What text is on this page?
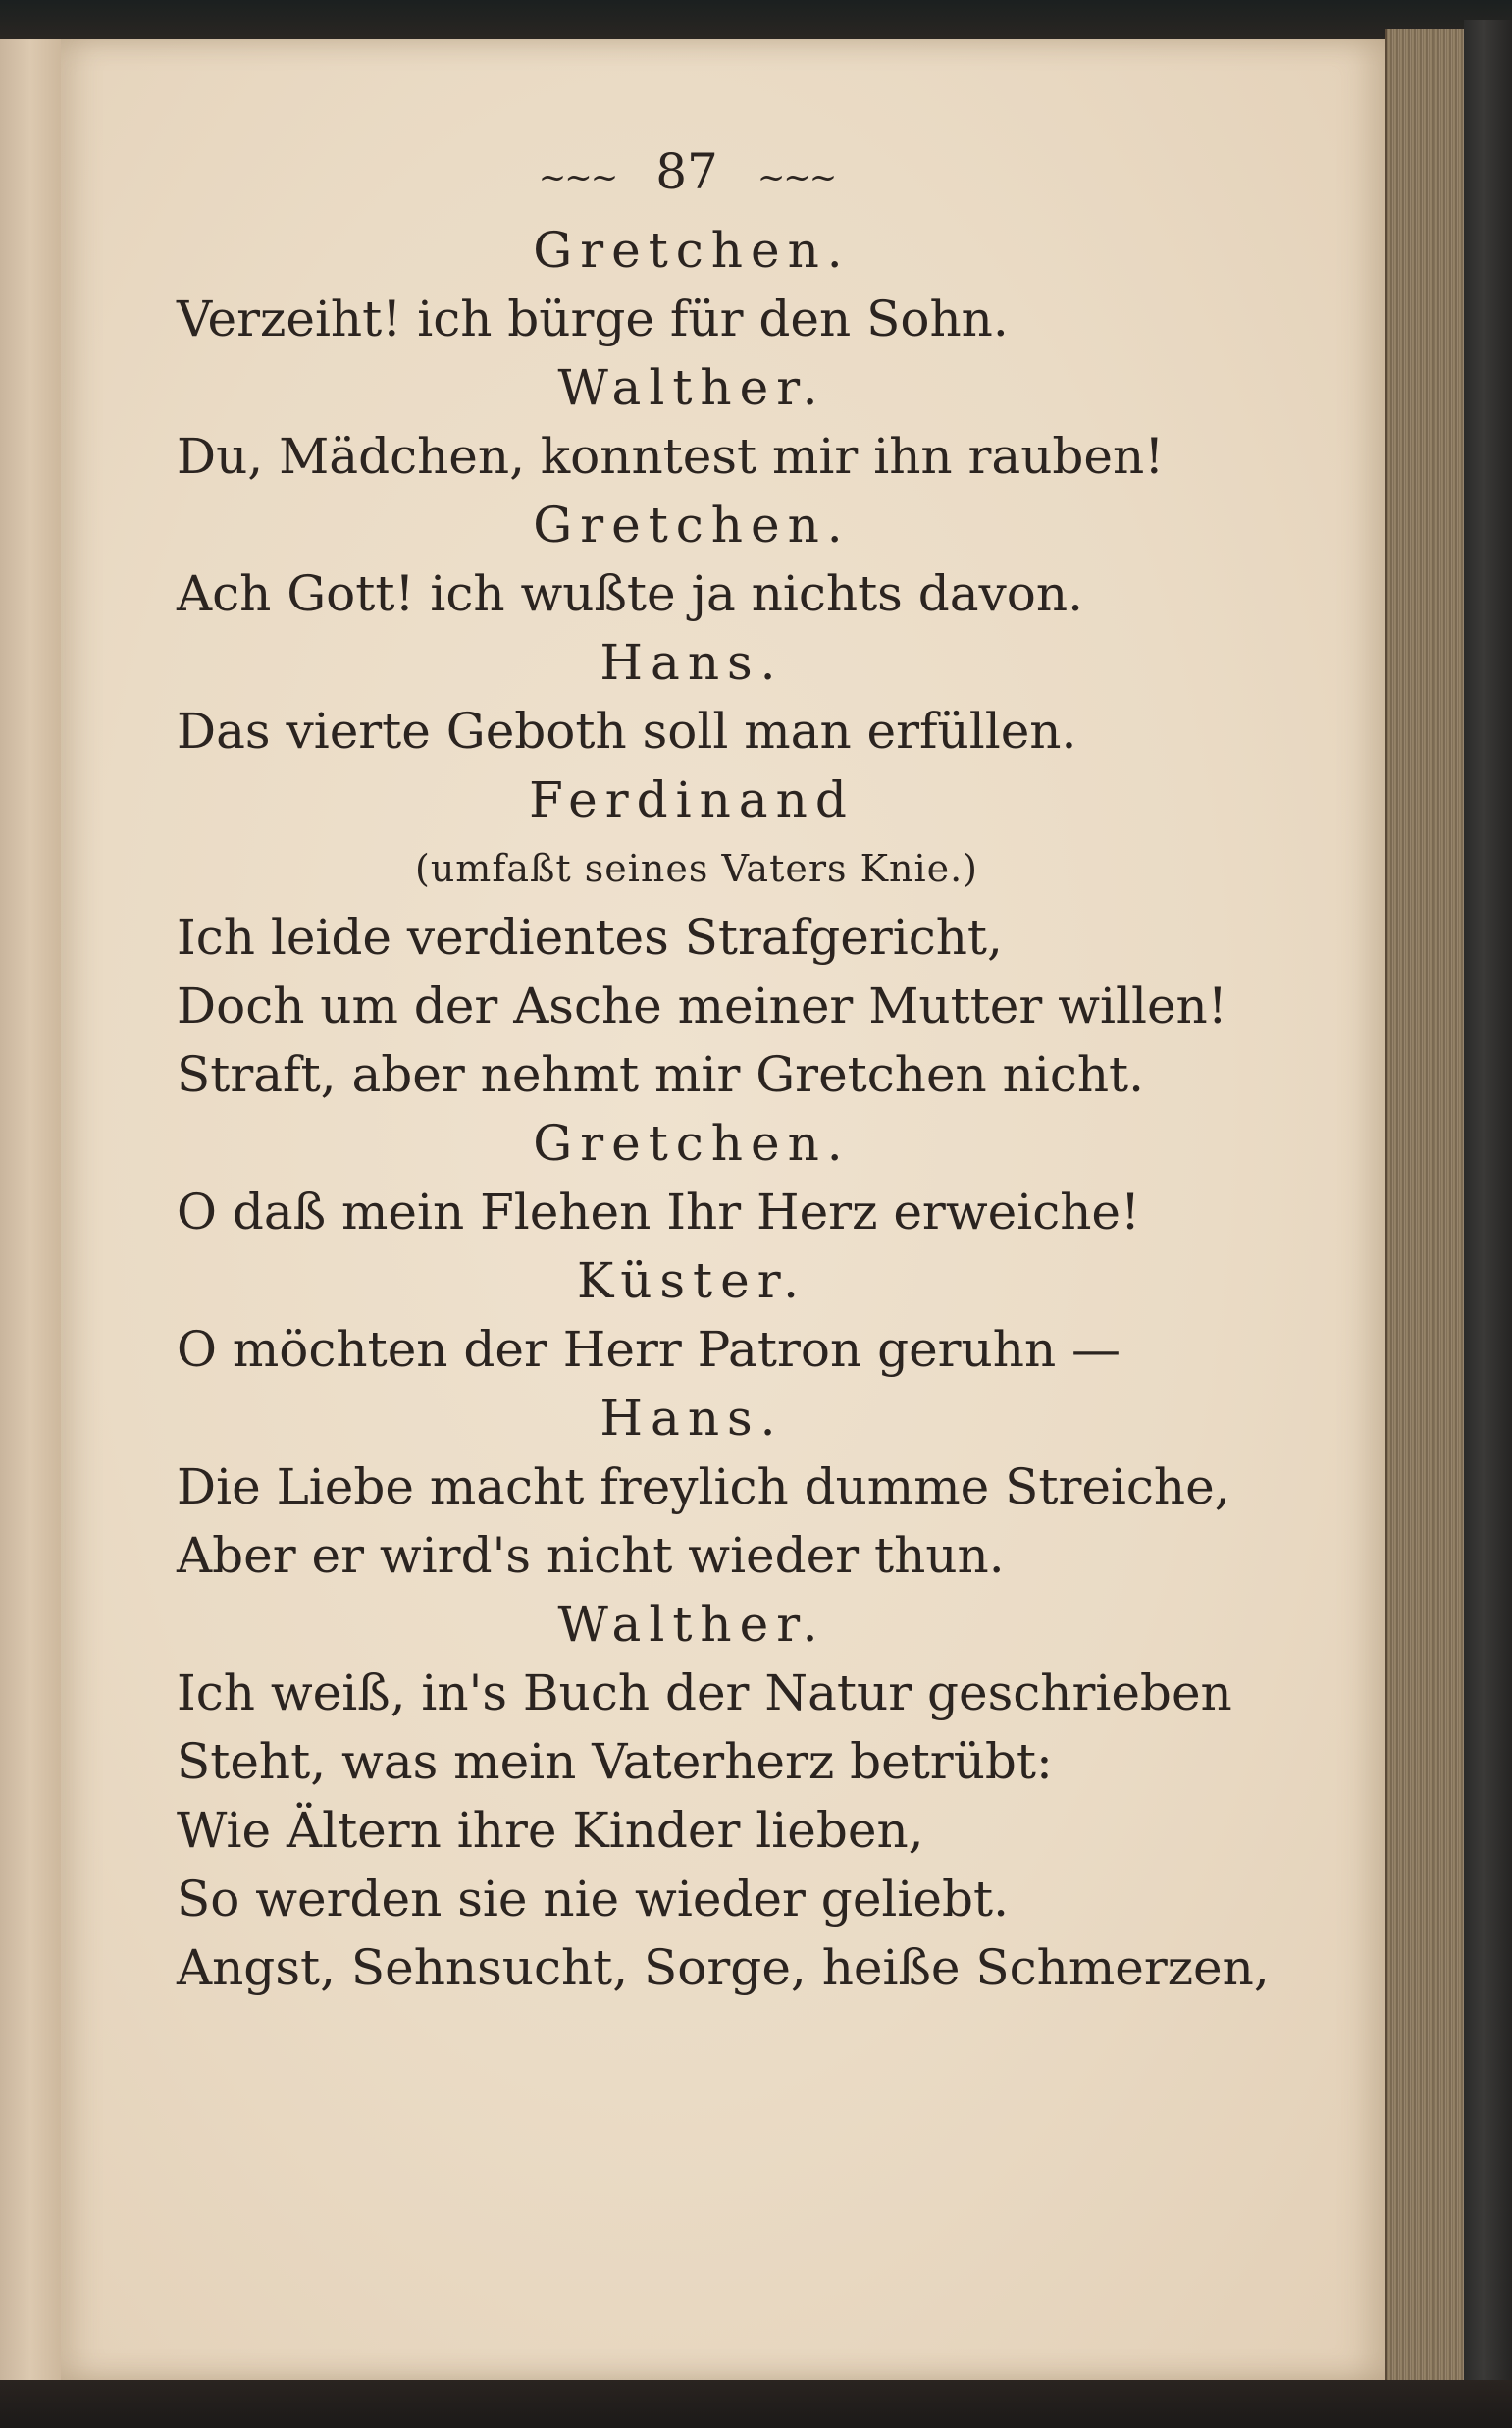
~~~ 87 ~~~
Gretchen.
Verzeiht! ich bürge für den Sohn.
Walther.
Du, Mädchen, konntest mir ihn rauben!
Gretchen.
Ach Gott! ich wußte ja nichts davon.
Hans.
Das vierte Geboth soll man erfüllen.
Ferdinand
(umfaßt seines Vaters Knie.)
Ich leide verdientes Strafgericht,
Doch um der Asche meiner Mutter willen!
Straft, aber nehmt mir Gretchen nicht.
Gretchen.
O daß mein Flehen Ihr Herz erweiche!
Küster.
O möchten der Herr Patron geruhn —
Hans.
Die Liebe macht freylich dumme Streiche,
Aber er wird's nicht wieder thun.
Walther.
Ich weiß, in's Buch der Natur geschrieben
Steht, was mein Vaterherz betrübt:
Wie Ältern ihre Kinder lieben,
So werden sie nie wieder geliebt.
Angst, Sehnsucht, Sorge, heiße Schmerzen,
